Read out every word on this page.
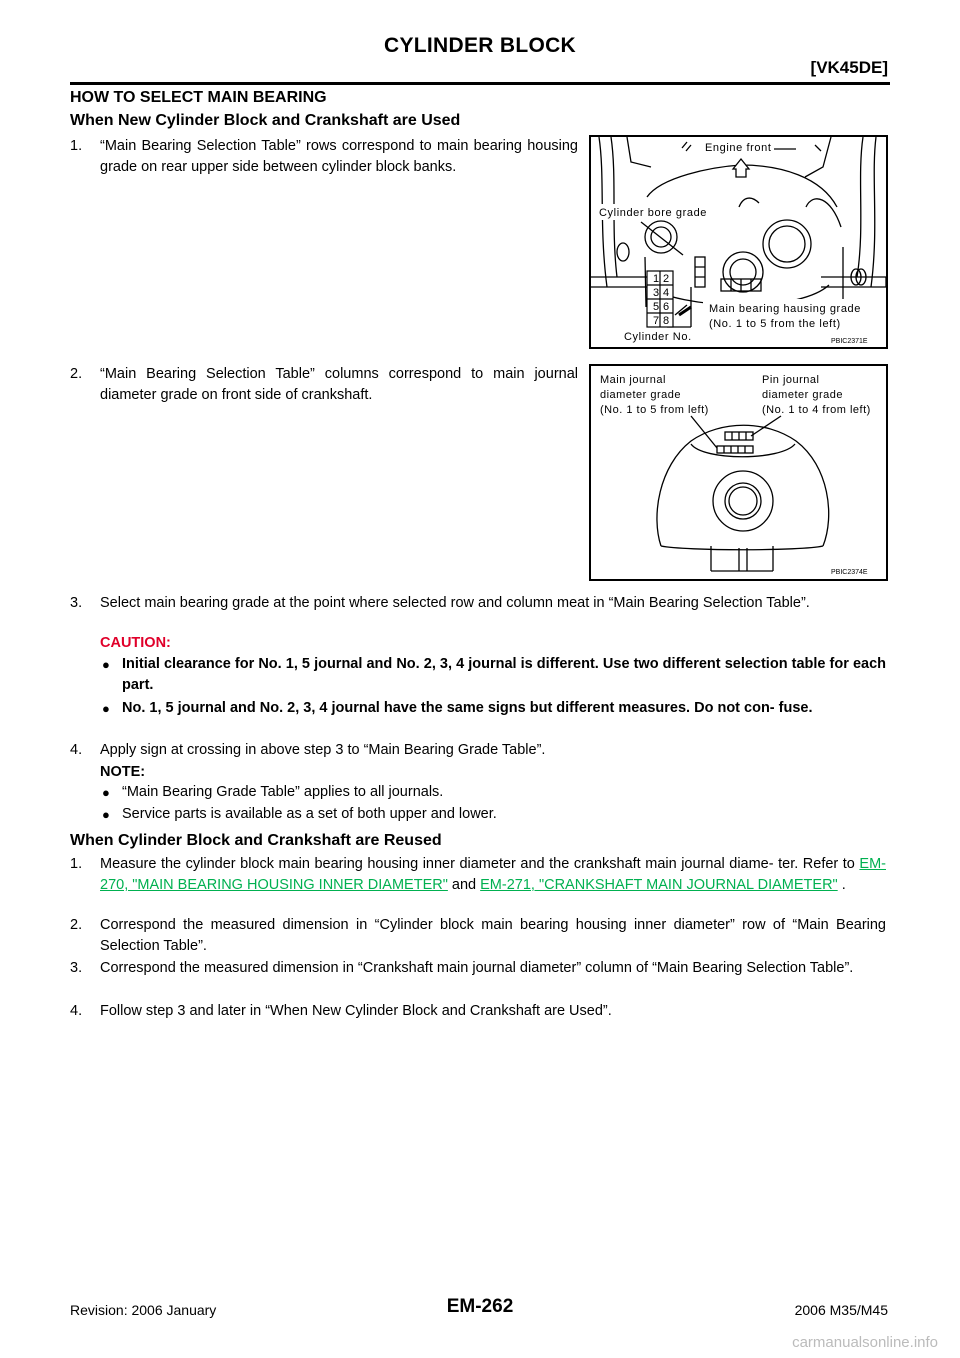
CYLINDER BLOCK
[VK45DE]
HOW TO SELECT MAIN BEARING
When New Cylinder Block and Crankshaft are Used
1. “Main Bearing Selection Table” rows correspond to main bearing housing grade on rear upper side between cylinder block banks.
1 2
3 4
5 6
7 8
Engine front
Cylinder bore grade
Main bearing hausing grade
(No. 1 to 5 from the left)
Cylinder No.	PBIC2371E
2. “Main Bearing Selection Table” columns correspond to main journal diameter grade on front side of crankshaft.
Main journal
diameter grade
(No. 1 to 5 from left)
Pin journal
diameter grade
(No. 1 to 4 from left)
PBIC2374E
3. Select main bearing grade at the point where selected row and column meat in “Main Bearing Selection Table”.
CAUTION:
● Initial clearance for No. 1, 5 journal and No. 2, 3, 4 journal is different. Use two different selection table for each part.
● No. 1, 5 journal and No. 2, 3, 4 journal have the same signs but different measures. Do not con- fuse.
4. Apply sign at crossing in above step 3 to “Main Bearing Grade Table”.
NOTE:
● “Main Bearing Grade Table” applies to all journals.
● Service parts is available as a set of both upper and lower.
When Cylinder Block and Crankshaft are Reused
1. Measure the cylinder block main bearing housing inner diameter and the crankshaft main journal diame- ter. Refer to EM-270, "MAIN BEARING HOUSING INNER DIAMETER" and EM-271, "CRANKSHAFT MAIN JOURNAL DIAMETER" .
2. Correspond the measured dimension in “Cylinder block main bearing housing inner diameter” row of “Main Bearing Selection Table”.
3. Correspond the measured dimension in “Crankshaft main journal diameter” column of “Main Bearing Selection Table”.
4. Follow step 3 and later in “When New Cylinder Block and Crankshaft are Used”.
Revision: 2006 January	EM-262	2006 M35/M45
carmanualsonline.info
